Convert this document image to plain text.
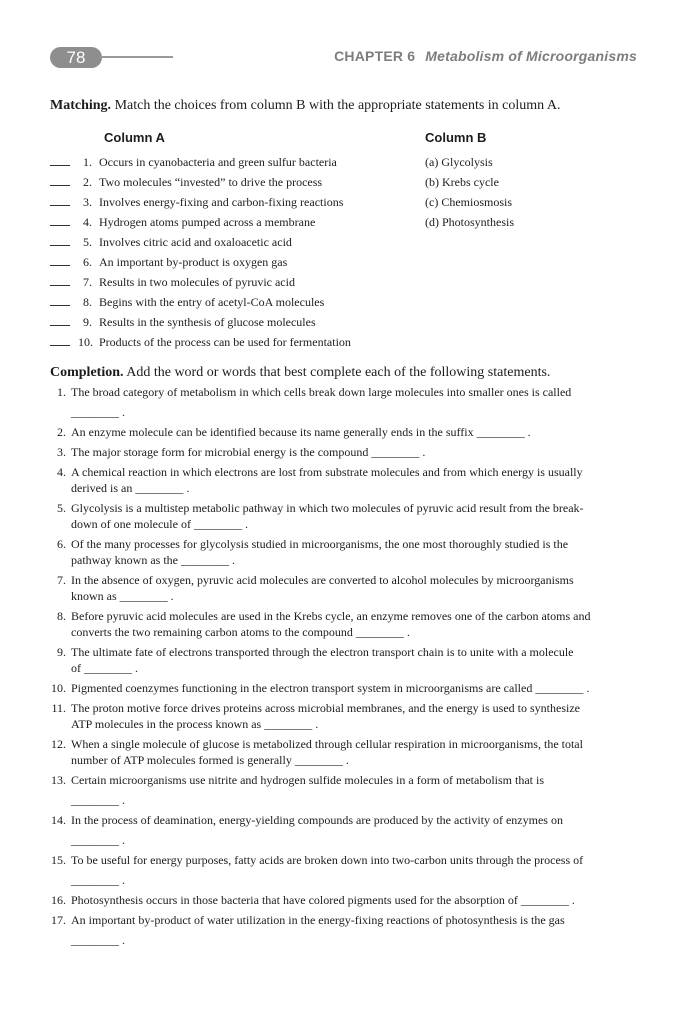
78	CHAPTER 6 Metabolism of Microorganisms
Matching. Match the choices from column B with the appropriate statements in column A.
Column A	Column B
1. Occurs in cyanobacteria and green sulfur bacteria
2. Two molecules “invested” to drive the process
3. Involves energy-fixing and carbon-fixing reactions
4. Hydrogen atoms pumped across a membrane
5. Involves citric acid and oxaloacetic acid
6. An important by-product is oxygen gas
7. Results in two molecules of pyruvic acid
8. Begins with the entry of acetyl-CoA molecules
9. Results in the synthesis of glucose molecules
10. Products of the process can be used for fermentation
(a) Glycolysis
(b) Krebs cycle
(c) Chemiosmosis
(d) Photosynthesis
Completion. Add the word or words that best complete each of the following statements.
1. The broad category of metabolism in which cells break down large molecules into smaller ones is called
________ .
2. An enzyme molecule can be identified because its name generally ends in the suffix ________ .
3. The major storage form for microbial energy is the compound ________ .
4. A chemical reaction in which electrons are lost from substrate molecules and from which energy is usually
derived is an ________ .
5. Glycolysis is a multistep metabolic pathway in which two molecules of pyruvic acid result from the break-
down of one molecule of ________ .
6. Of the many processes for glycolysis studied in microorganisms, the one most thoroughly studied is the
pathway known as the ________ .
7. In the absence of oxygen, pyruvic acid molecules are converted to alcohol molecules by microorganisms
known as ________ .
8. Before pyruvic acid molecules are used in the Krebs cycle, an enzyme removes one of the carbon atoms and
converts the two remaining carbon atoms to the compound ________ .
9. The ultimate fate of electrons transported through the electron transport chain is to unite with a molecule
of ________ .
10. Pigmented coenzymes functioning in the electron transport system in microorganisms are called ________ .
11. The proton motive force drives proteins across microbial membranes, and the energy is used to synthesize
ATP molecules in the process known as ________ .
12. When a single molecule of glucose is metabolized through cellular respiration in microorganisms, the total
number of ATP molecules formed is generally ________ .
13. Certain microorganisms use nitrite and hydrogen sulfide molecules in a form of metabolism that is
________ .
14. In the process of deamination, energy-yielding compounds are produced by the activity of enzymes on
________ .
15. To be useful for energy purposes, fatty acids are broken down into two-carbon units through the process of
________ .
16. Photosynthesis occurs in those bacteria that have colored pigments used for the absorption of ________ .
17. An important by-product of water utilization in the energy-fixing reactions of photosynthesis is the gas
________ .
